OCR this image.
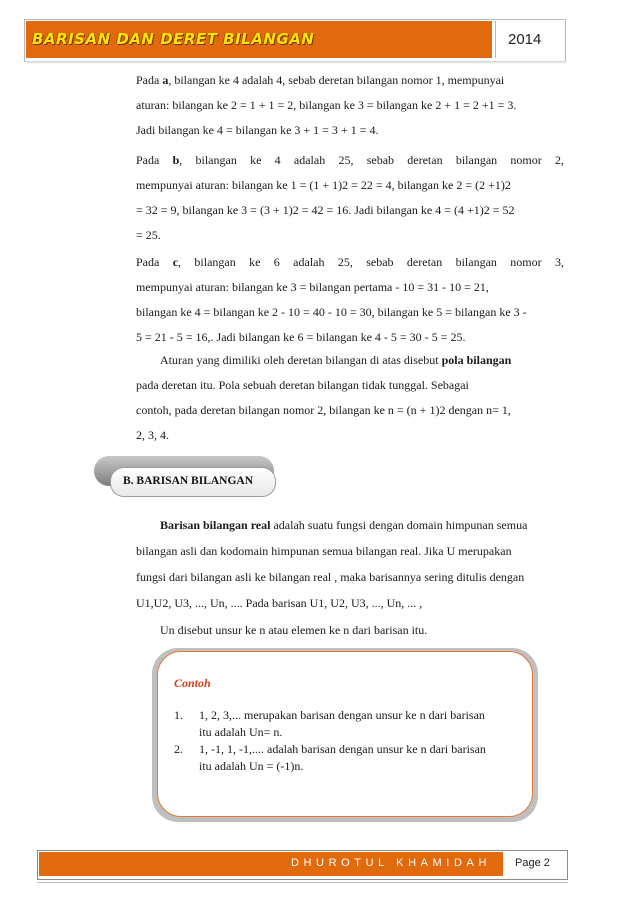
BARISAN DAN DERET BILANGAN	2014
Pada a, bilangan ke 4 adalah 4, sebab deretan bilangan nomor 1, mempunyai
aturan: bilangan ke 2 = 1 + 1 = 2, bilangan ke 3 = bilangan ke 2 + 1 = 2 +1 = 3.
Jadi bilangan ke 4 = bilangan ke 3 + 1 = 3 + 1 = 4.
Pada b, bilangan ke 4 adalah 25, sebab deretan bilangan nomor 2,
mempunyai aturan: bilangan ke 1 = (1 + 1)2 = 22 = 4, bilangan ke 2 = (2 +1)2
= 32 = 9, bilangan ke 3 = (3 + 1)2 = 42 = 16. Jadi bilangan ke 4 = (4 +1)2 = 52
= 25.
Pada c, bilangan ke 6 adalah 25, sebab deretan bilangan nomor 3,
mempunyai aturan: bilangan ke 3 = bilangan pertama - 10 = 31 - 10 = 21,
bilangan ke 4 = bilangan ke 2 - 10 = 40 - 10 = 30, bilangan ke 5 = bilangan ke 3 -
5 = 21 - 5 = 16,. Jadi bilangan ke 6 = bilangan ke 4 - 5 = 30 - 5 = 25.
Aturan yang dimiliki oleh deretan bilangan di atas disebut pola bilangan
pada deretan itu. Pola sebuah deretan bilangan tidak tunggal. Sebagai
contoh, pada deretan bilangan nomor 2, bilangan ke n = (n + 1)2 dengan n= 1,
2, 3, 4.
B. BARISAN BILANGAN
Barisan bilangan real adalah suatu fungsi dengan domain himpunan semua
bilangan asli dan kodomain himpunan semua bilangan real. Jika U merupakan
fungsi dari bilangan asli ke bilangan real , maka barisannya sering ditulis dengan
U1,U2, U3, ..., Un, .... Pada barisan U1, U2, U3, ..., Un, ... ,
Un disebut unsur ke n atau elemen ke n dari barisan itu.
Contoh
1. 1, 2, 3,... merupakan barisan dengan unsur ke n dari barisan
itu adalah Un= n.
2. 1, -1, 1, -1,.... adalah barisan dengan unsur ke n dari barisan
itu adalah Un = (-1)n.
DHUROTUL KHAMIDAH Page 2
